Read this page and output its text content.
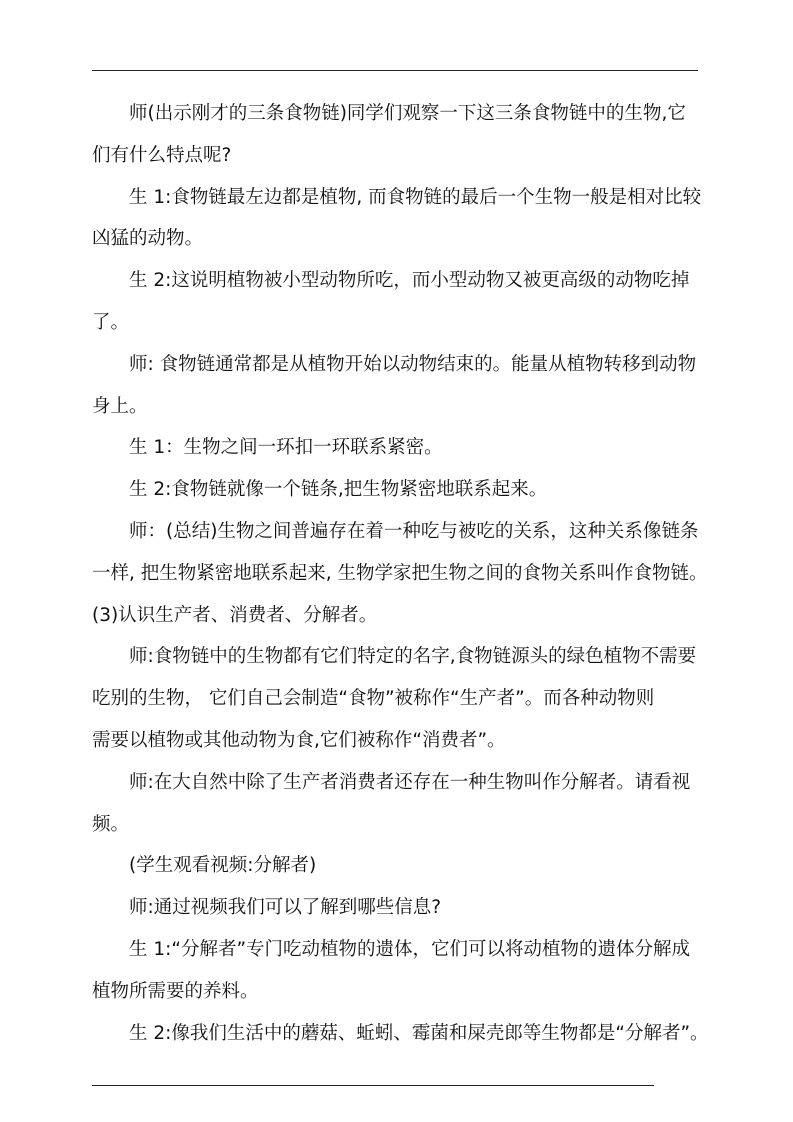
师(出示刚才的三条食物链)同学们观察一下这三条食物链中的生物,它
们有什么特点呢?

生 1:食物链最左边都是植物, 而食物链的最后一个生物一般是相对比较
凶猛的动物。

生 2:这说明植物被小型动物所吃，而小型动物又被更高级的动物吃掉
了。

师: 食物链通常都是从植物开始以动物结束的。能量从植物转移到动物
身上。

生 1：生物之间一环扣一环联系紧密。

生 2:食物链就像一个链条,把生物紧密地联系起来。

师：(总结)生物之间普遍存在着一种吃与被吃的关系，这种关系像链条
一样, 把生物紧密地联系起来, 生物学家把生物之间的食物关系叫作食物链。

(3)认识生产者、消费者、分解者。

师:食物链中的生物都有它们特定的名字,食物链源头的绿色植物不需要
吃别的生物， 它们自己会制造“食物”被称作“生产者”。而各种动物则
需要以植物或其他动物为食,它们被称作“消费者”。

师:在大自然中除了生产者消费者还存在一种生物叫作分解者。请看视
频。

(学生观看视频:分解者)

师:通过视频我们可以了解到哪些信息?

生 1:“分解者”专门吃动植物的遗体，它们可以将动植物的遗体分解成
植物所需要的养料。

生 2:像我们生活中的蘑菇、蚯蚓、霉菌和屎壳郎等生物都是“分解者”。
